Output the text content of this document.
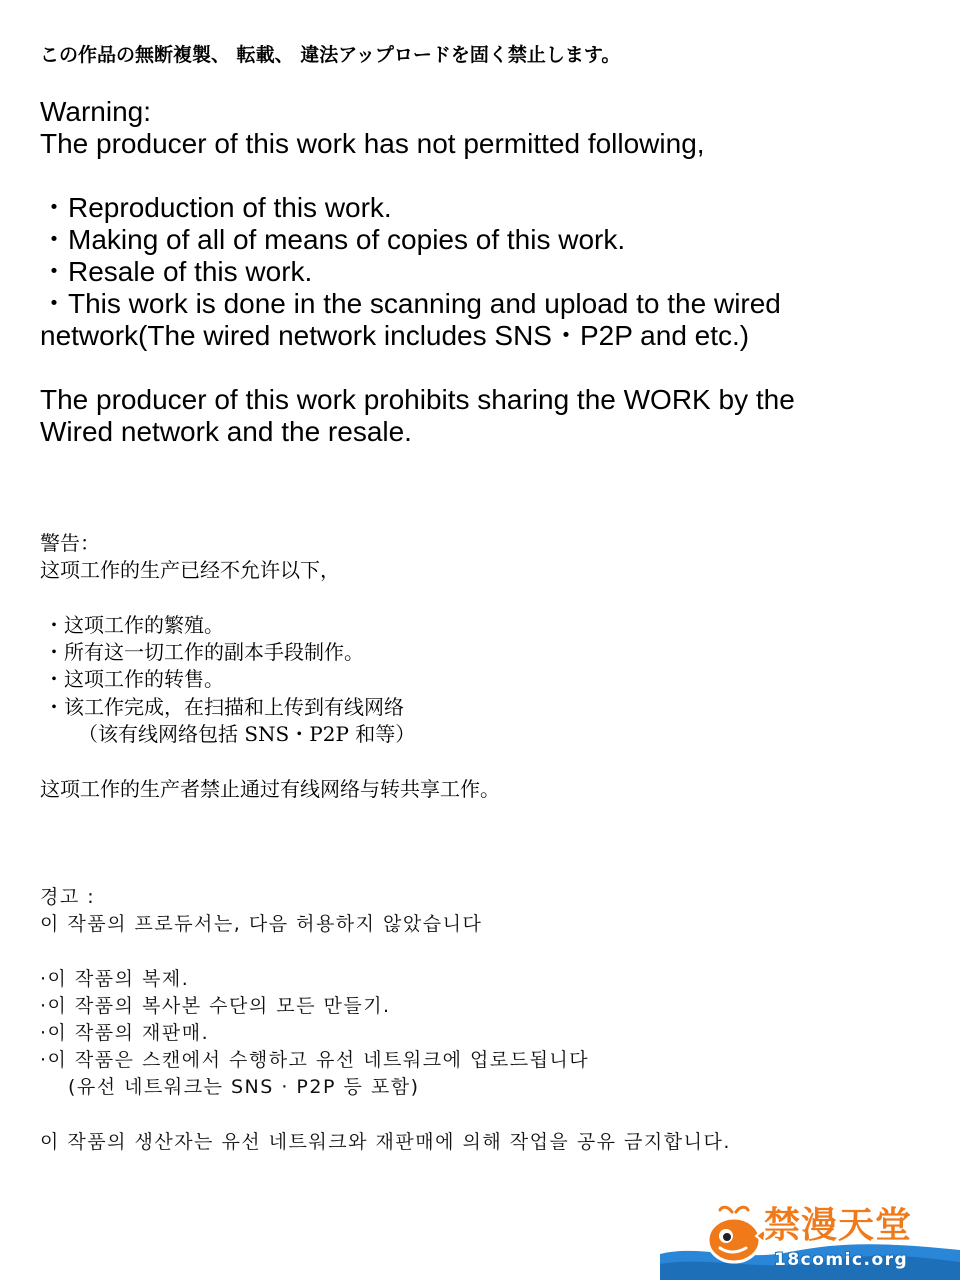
この作品の無断複製、 転載、 違法アップロードを固く禁止します。
Warning:
The producer of this work has not permitted following,
・Reproduction of this work.
・Making of all of means of copies of this work.
・Resale of this work.
・This work is done in the scanning and upload to the wired
network(The wired network includes SNS・P2P and etc.)
The producer of this work prohibits sharing the WORK by the
Wired network and the resale.
警告：
这项工作的生产已经不允许以下，
・这项工作的繁殖。
・所有这一切工作的副本手段制作。
・这项工作的转售。
・该工作完成，在扫描和上传到有线网络
（该有线网络包括 SNS・P2P 和等）
这项工作的生产者禁止通过有线网络与转共享工作。
경고 :
이 작품의 프로듀서는, 다음 허용하지 않았습니다
·이 작품의 복제.
·이 작품의 복사본 수단의 모든 만들기.
·이 작품의 재판매.
·이 작품은 스캔에서 수행하고 유선 네트워크에 업로드됩니다
(유선 네트워크는 SNS · P2P 등 포함)
이 작품의 생산자는 유선 네트워크와 재판매에 의해 작업을 공유 금지합니다.
禁漫天堂
18comic.org
